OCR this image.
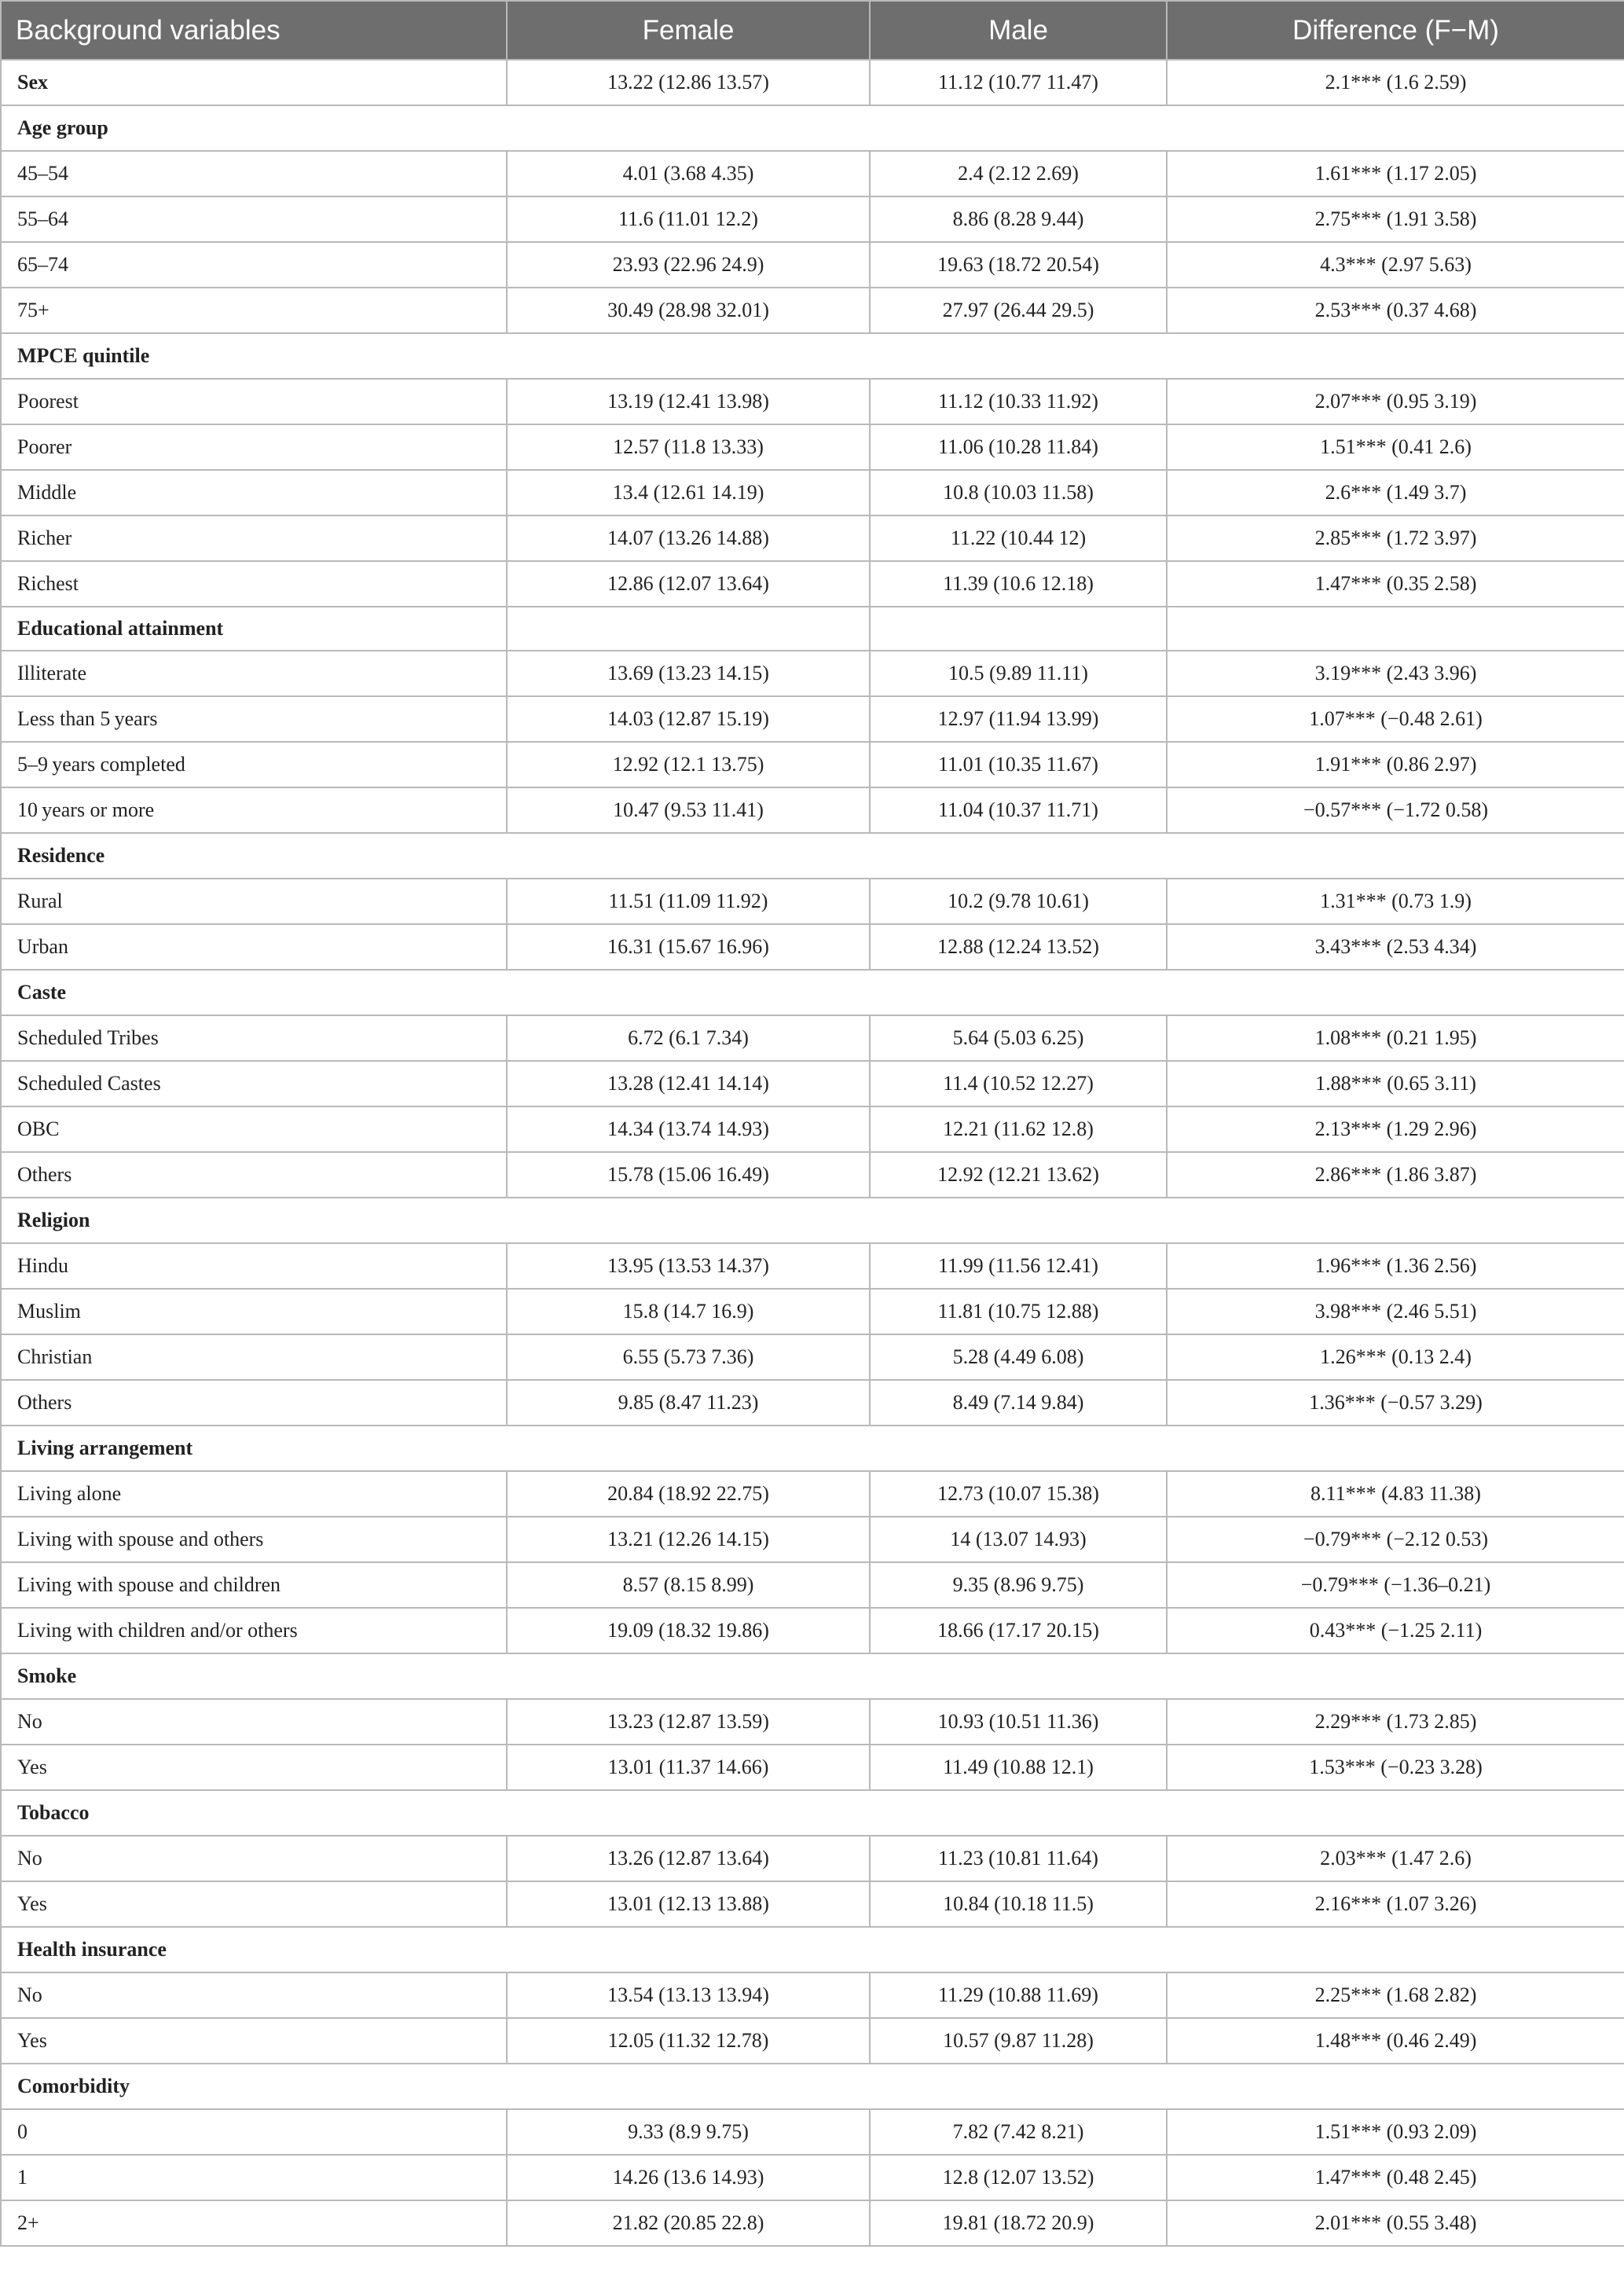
Background variables	Female	Male	Difference (F−M)
Sex	13.22 (12.86 13.57)	11.12 (10.77 11.47)	2.1*** (1.6 2.59)
Age group			
45–54	4.01 (3.68 4.35)	2.4 (2.12 2.69)	1.61*** (1.17 2.05)
55–64	11.6 (11.01 12.2)	8.86 (8.28 9.44)	2.75*** (1.91 3.58)
65–74	23.93 (22.96 24.9)	19.63 (18.72 20.54)	4.3*** (2.97 5.63)
75+	30.49 (28.98 32.01)	27.97 (26.44 29.5)	2.53*** (0.37 4.68)
MPCE quintile			
Poorest	13.19 (12.41 13.98)	11.12 (10.33 11.92)	2.07*** (0.95 3.19)
Poorer	12.57 (11.8 13.33)	11.06 (10.28 11.84)	1.51*** (0.41 2.6)
Middle	13.4 (12.61 14.19)	10.8 (10.03 11.58)	2.6*** (1.49 3.7)
Richer	14.07 (13.26 14.88)	11.22 (10.44 12)	2.85*** (1.72 3.97)
Richest	12.86 (12.07 13.64)	11.39 (10.6 12.18)	1.47*** (0.35 2.58)
Educational attainment			
Illiterate	13.69 (13.23 14.15)	10.5 (9.89 11.11)	3.19*** (2.43 3.96)
Less than 5 years	14.03 (12.87 15.19)	12.97 (11.94 13.99)	1.07*** (−0.48 2.61)
5–9 years completed	12.92 (12.1 13.75)	11.01 (10.35 11.67)	1.91*** (0.86 2.97)
10 years or more	10.47 (9.53 11.41)	11.04 (10.37 11.71)	−0.57*** (−1.72 0.58)
Residence			
Rural	11.51 (11.09 11.92)	10.2 (9.78 10.61)	1.31*** (0.73 1.9)
Urban	16.31 (15.67 16.96)	12.88 (12.24 13.52)	3.43*** (2.53 4.34)
Caste			
Scheduled Tribes	6.72 (6.1 7.34)	5.64 (5.03 6.25)	1.08*** (0.21 1.95)
Scheduled Castes	13.28 (12.41 14.14)	11.4 (10.52 12.27)	1.88*** (0.65 3.11)
OBC	14.34 (13.74 14.93)	12.21 (11.62 12.8)	2.13*** (1.29 2.96)
Others	15.78 (15.06 16.49)	12.92 (12.21 13.62)	2.86*** (1.86 3.87)
Religion			
Hindu	13.95 (13.53 14.37)	11.99 (11.56 12.41)	1.96*** (1.36 2.56)
Muslim	15.8 (14.7 16.9)	11.81 (10.75 12.88)	3.98*** (2.46 5.51)
Christian	6.55 (5.73 7.36)	5.28 (4.49 6.08)	1.26*** (0.13 2.4)
Others	9.85 (8.47 11.23)	8.49 (7.14 9.84)	1.36*** (−0.57 3.29)
Living arrangement			
Living alone	20.84 (18.92 22.75)	12.73 (10.07 15.38)	8.11*** (4.83 11.38)
Living with spouse and others	13.21 (12.26 14.15)	14 (13.07 14.93)	−0.79*** (−2.12 0.53)
Living with spouse and children	8.57 (8.15 8.99)	9.35 (8.96 9.75)	−0.79*** (−1.36–0.21)
Living with children and/or others	19.09 (18.32 19.86)	18.66 (17.17 20.15)	0.43*** (−1.25 2.11)
Smoke			
No	13.23 (12.87 13.59)	10.93 (10.51 11.36)	2.29*** (1.73 2.85)
Yes	13.01 (11.37 14.66)	11.49 (10.88 12.1)	1.53*** (−0.23 3.28)
Tobacco			
No	13.26 (12.87 13.64)	11.23 (10.81 11.64)	2.03*** (1.47 2.6)
Yes	13.01 (12.13 13.88)	10.84 (10.18 11.5)	2.16*** (1.07 3.26)
Health insurance			
No	13.54 (13.13 13.94)	11.29 (10.88 11.69)	2.25*** (1.68 2.82)
Yes	12.05 (11.32 12.78)	10.57 (9.87 11.28)	1.48*** (0.46 2.49)
Comorbidity			
0	9.33 (8.9 9.75)	7.82 (7.42 8.21)	1.51*** (0.93 2.09)
1	14.26 (13.6 14.93)	12.8 (12.07 13.52)	1.47*** (0.48 2.45)
2+	21.82 (20.85 22.8)	19.81 (18.72 20.9)	2.01*** (0.55 3.48)
